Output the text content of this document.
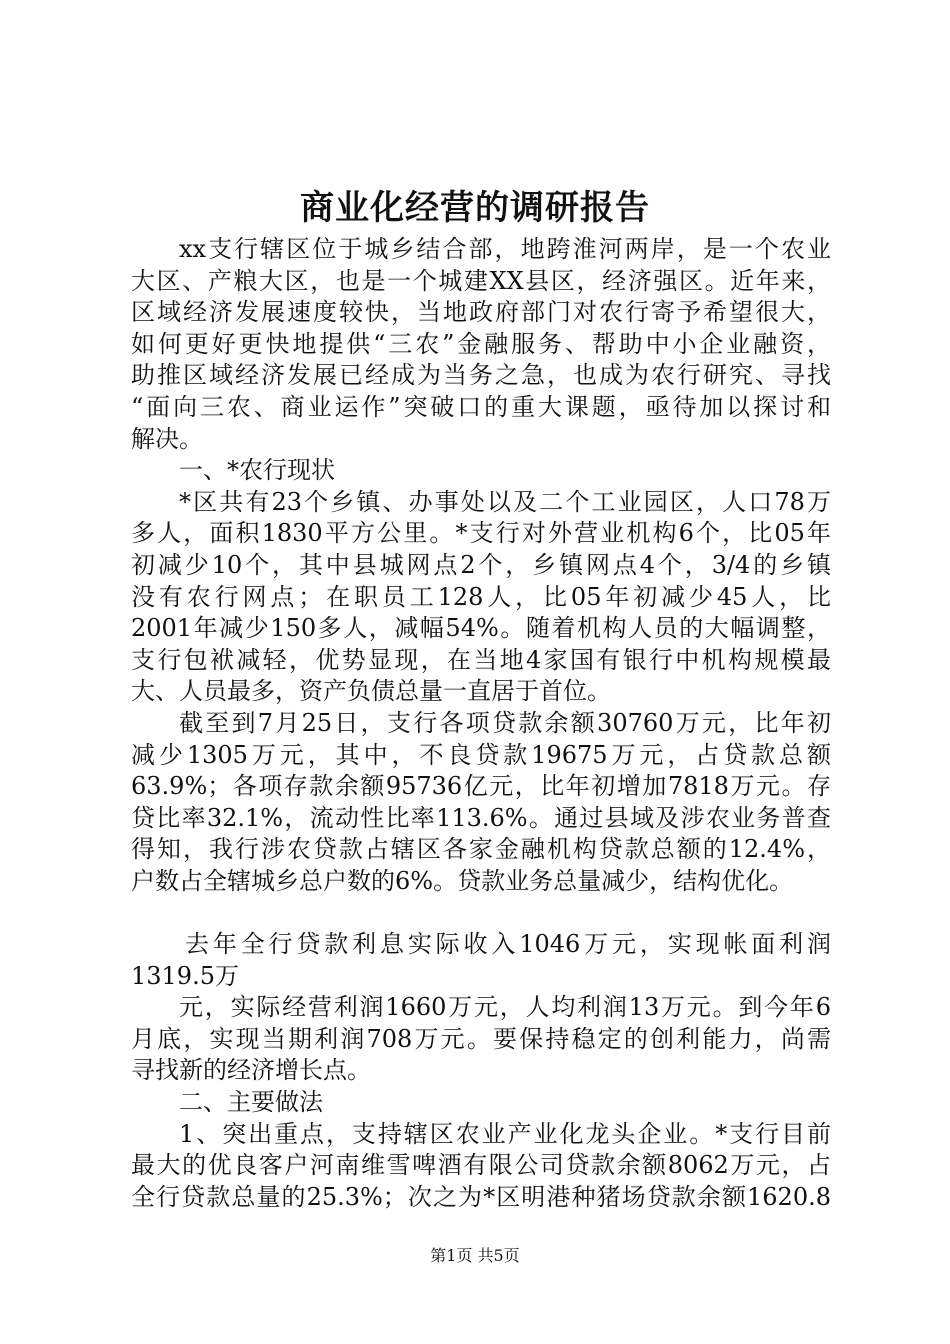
商业化经营的调研报告
xx支行辖区位于城乡结合部，地跨淮河两岸，是一个农业
大区、产粮大区，也是一个城建XX县区，经济强区。近年来，
区域经济发展速度较快，当地政府部门对农行寄予希望很大，
如何更好更快地提供“三农”金融服务、帮助中小企业融资，
助推区域经济发展已经成为当务之急，也成为农行研究、寻找
“面向三农、商业运作”突破口的重大课题，亟待加以探讨和
解决。
一、*农行现状
*区共有23个乡镇、办事处以及二个工业园区，人口78万
多人，面积1830平方公里。*支行对外营业机构6个，比05年
初减少10个，其中县城网点2个，乡镇网点4个，3/4的乡镇
没有农行网点；在职员工128人，比05年初减少45人，比
2001年减少150多人，减幅54%。随着机构人员的大幅调整，
支行包袱减轻，优势显现，在当地4家国有银行中机构规模最
大、人员最多，资产负债总量一直居于首位。
截至到7月25日，支行各项贷款余额30760万元，比年初
减少1305万元，其中，不良贷款19675万元，占贷款总额
63.9%；各项存款余额95736亿元，比年初增加7818万元。存
贷比率32.1%，流动性比率113.6%。通过县域及涉农业务普查
得知，我行涉农贷款占辖区各家金融机构贷款总额的12.4%，
户数占全辖城乡总户数的6%。贷款业务总量减少，结构优化。
去年全行贷款利息实际收入1046万元，实现帐面利润
1319.5万
元，实际经营利润1660万元，人均利润13万元。到今年6
月底，实现当期利润708万元。要保持稳定的创利能力，尚需
寻找新的经济增长点。
二、主要做法
1、突出重点，支持辖区农业产业化龙头企业。*支行目前
最大的优良客户河南维雪啤酒有限公司贷款余额8062万元，占
全行贷款总量的25.3%；次之为*区明港种猪场贷款余额1620.8
第1页 共5页
